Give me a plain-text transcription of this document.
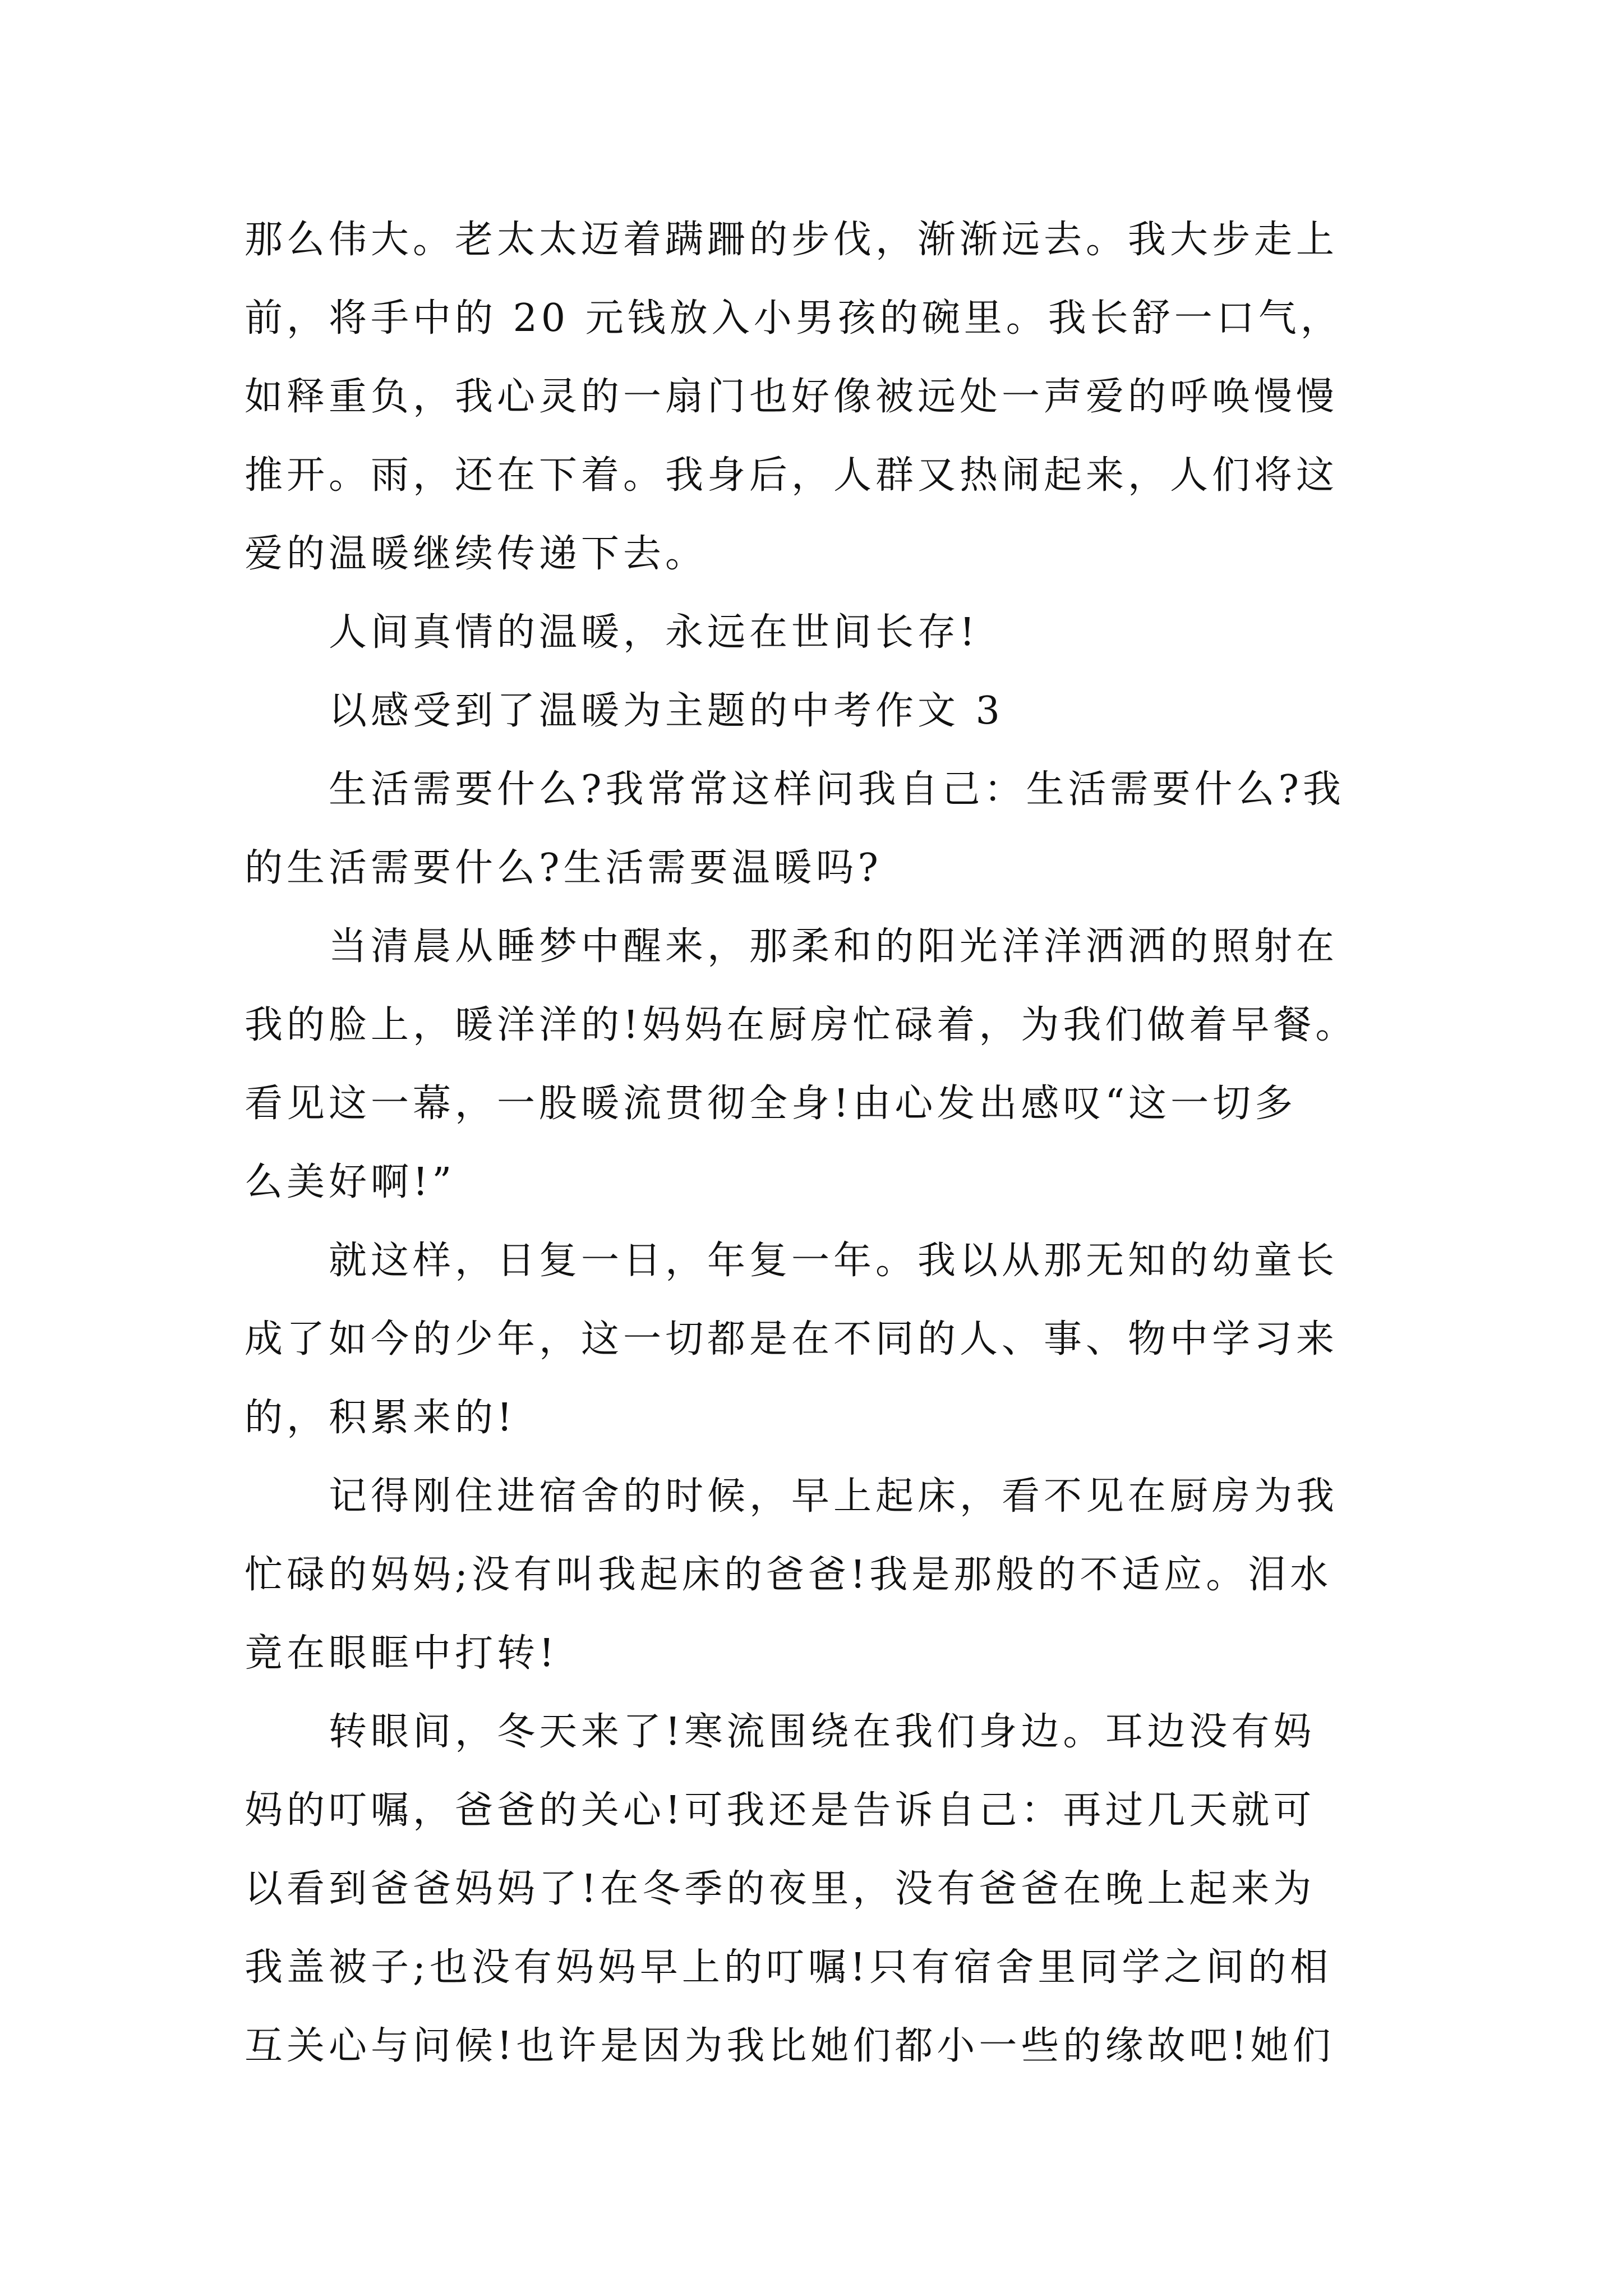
那么伟大。老太太迈着蹒跚的步伐，渐渐远去。我大步走上
前，将手中的 20 元钱放入小男孩的碗里。我长舒一口气，
如释重负，我心灵的一扇门也好像被远处一声爱的呼唤慢慢
推开。雨，还在下着。我身后，人群又热闹起来，人们将这
爱的温暖继续传递下去。
人间真情的温暖，永远在世间长存!
以感受到了温暖为主题的中考作文 3
生活需要什么?我常常这样问我自己：生活需要什么?我
的生活需要什么?生活需要温暖吗?
当清晨从睡梦中醒来，那柔和的阳光洋洋洒洒的照射在
我的脸上，暖洋洋的!妈妈在厨房忙碌着，为我们做着早餐。
看见这一幕，一股暖流贯彻全身!由心发出感叹“这一切多
么美好啊!”
就这样，日复一日，年复一年。我以从那无知的幼童长
成了如今的少年，这一切都是在不同的人、事、物中学习来
的，积累来的!
记得刚住进宿舍的时候，早上起床，看不见在厨房为我
忙碌的妈妈;没有叫我起床的爸爸!我是那般的不适应。泪水
竟在眼眶中打转!
转眼间，冬天来了!寒流围绕在我们身边。耳边没有妈
妈的叮嘱，爸爸的关心!可我还是告诉自己：再过几天就可
以看到爸爸妈妈了!在冬季的夜里，没有爸爸在晚上起来为
我盖被子;也没有妈妈早上的叮嘱!只有宿舍里同学之间的相
互关心与问候!也许是因为我比她们都小一些的缘故吧!她们
